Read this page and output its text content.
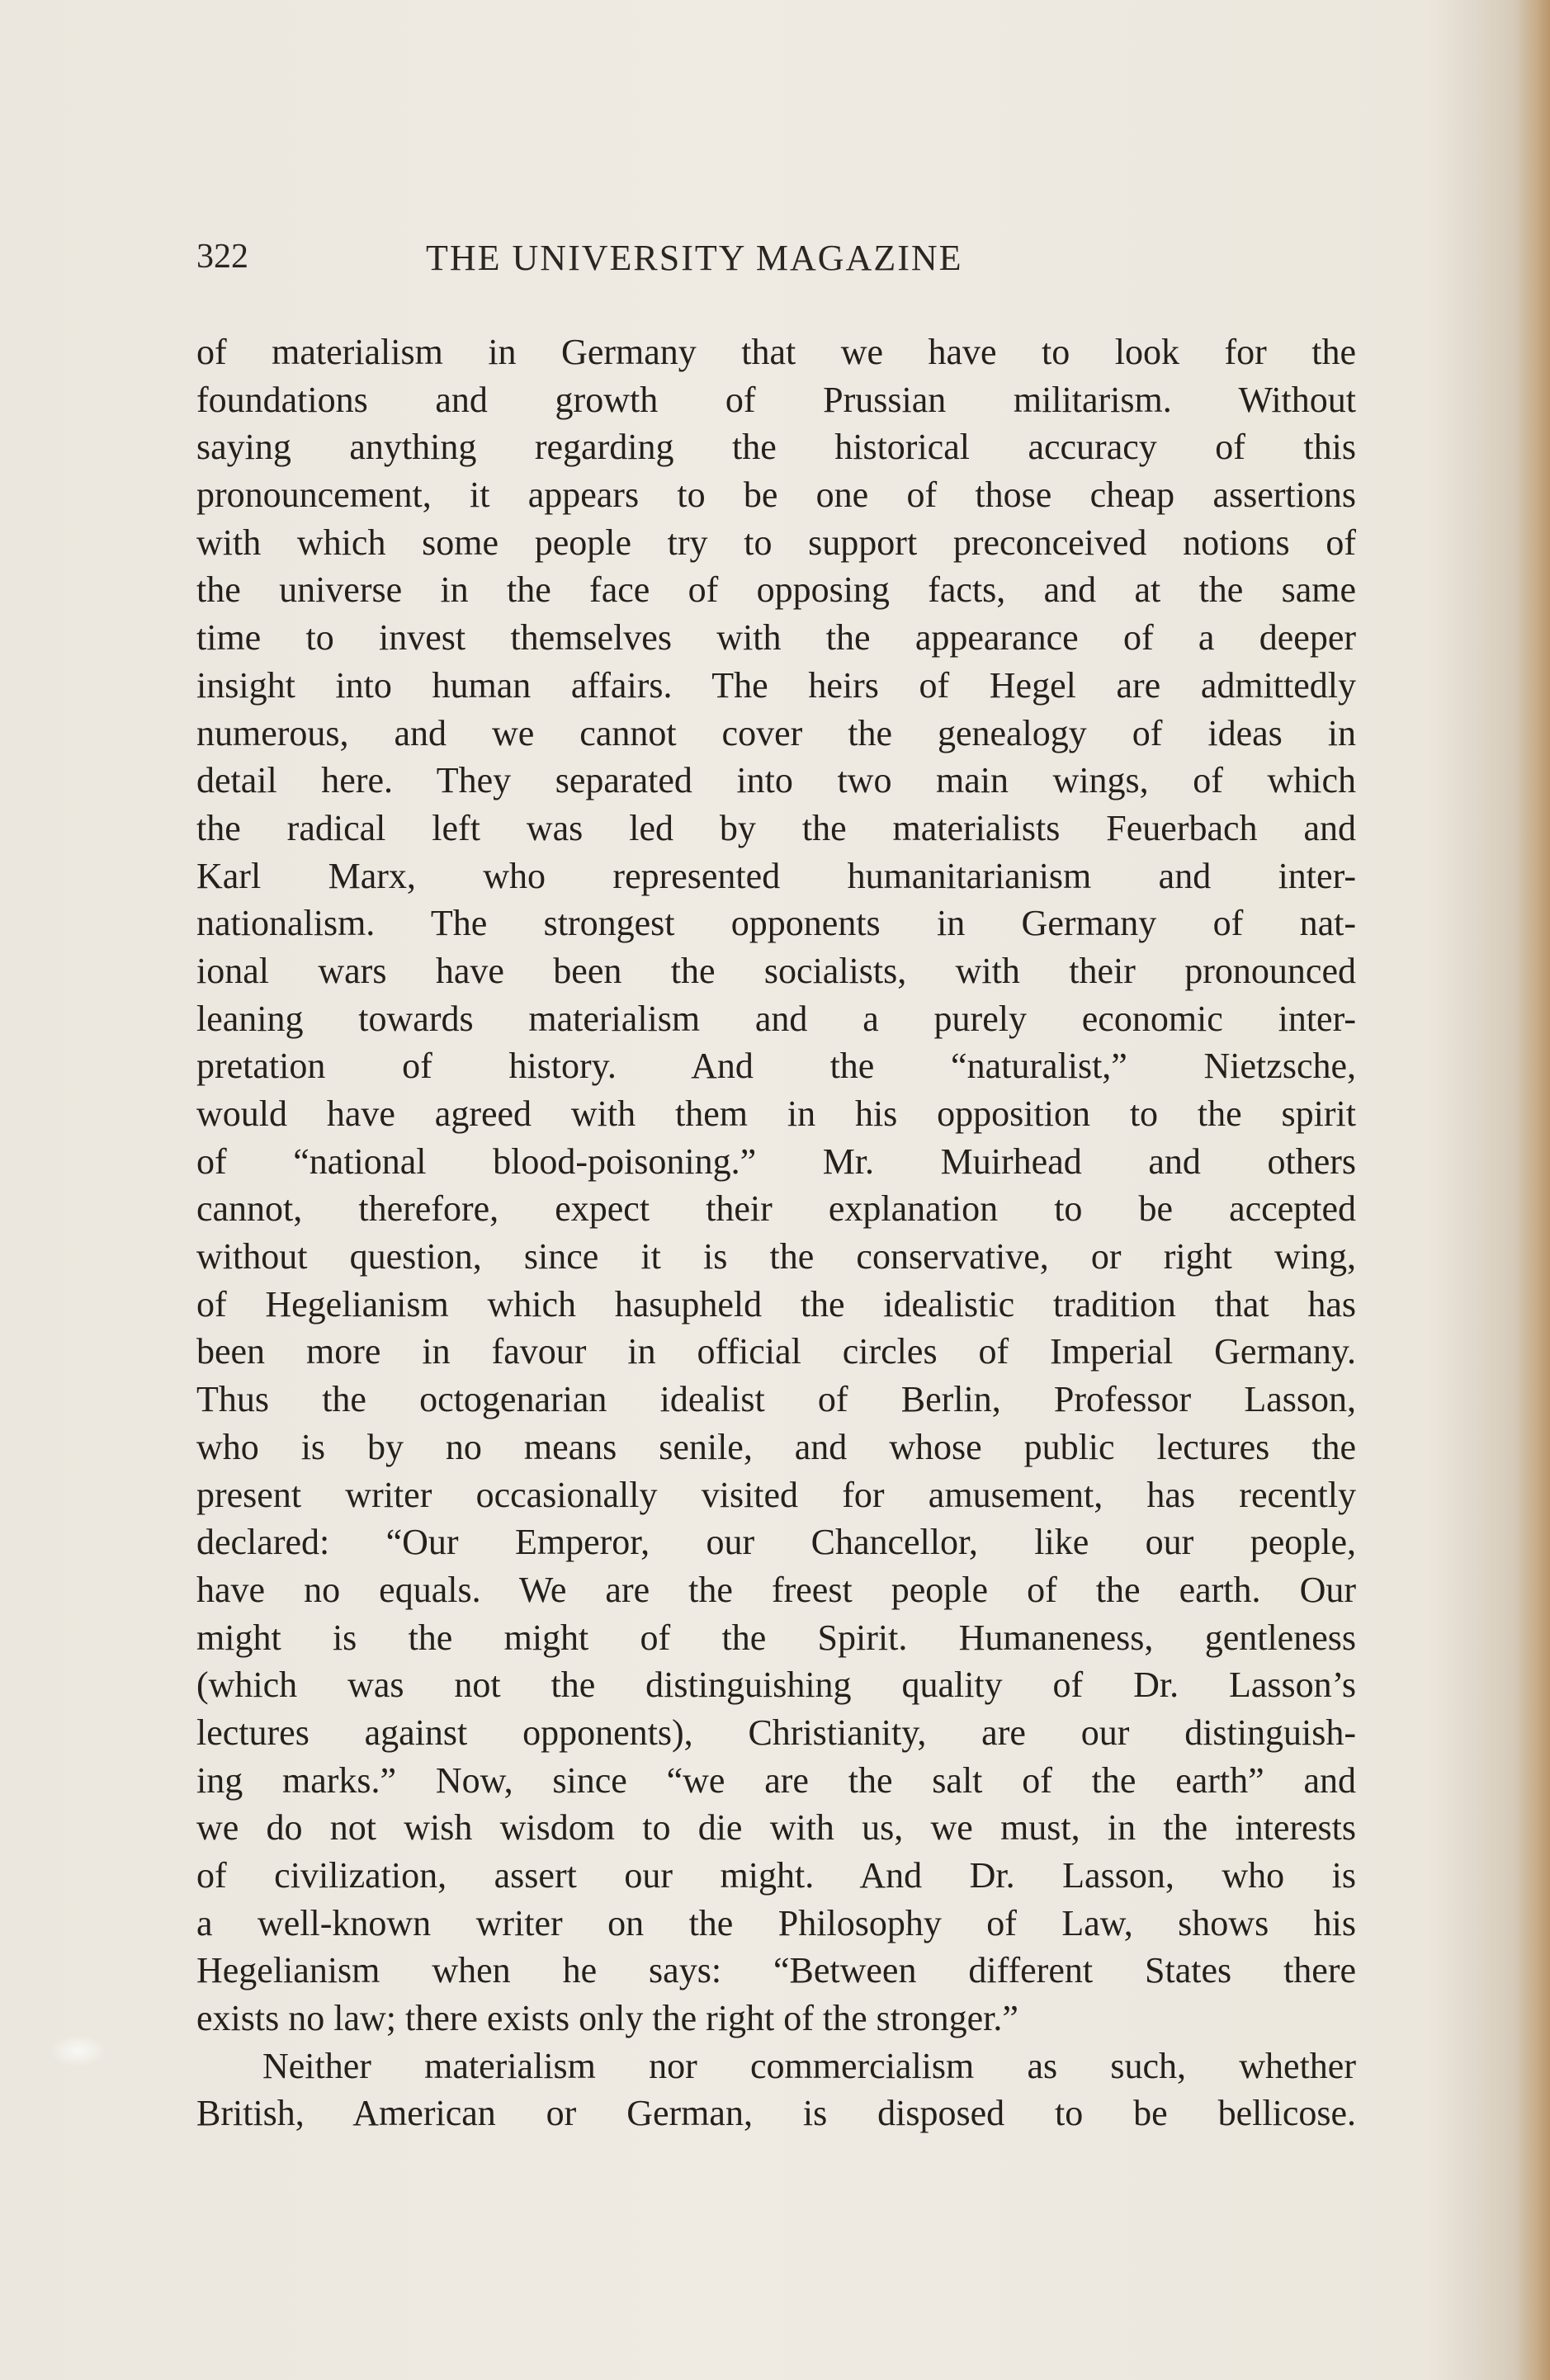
322	THE UNIVERSITY MAGAZINE
of materialism in Germany that we have to look for the
foundations and growth of Prussian militarism. Without
saying anything regarding the historical accuracy of this
pronouncement, it appears to be one of those cheap assertions
with which some people try to support preconceived notions of
the universe in the face of opposing facts, and at the same
time to invest themselves with the appearance of a deeper
insight into human affairs. The heirs of Hegel are admittedly
numerous, and we cannot cover the genealogy of ideas in
detail here. They separated into two main wings, of which
the radical left was led by the materialists Feuerbach and
Karl Marx, who represented humanitarianism and inter-
nationalism. The strongest opponents in Germany of nat-
ional wars have been the socialists, with their pronounced
leaning towards materialism and a purely economic inter-
pretation of history. And the “naturalist,” Nietzsche,
would have agreed with them in his opposition to the spirit
of “national blood-poisoning.” Mr. Muirhead and others
cannot, therefore, expect their explanation to be accepted
without question, since it is the conservative, or right wing,
of Hegelianism which hasupheld the idealistic tradition that has
been more in favour in official circles of Imperial Germany.
Thus the octogenarian idealist of Berlin, Professor Lasson,
who is by no means senile, and whose public lectures the
present writer occasionally visited for amusement, has recently
declared: “Our Emperor, our Chancellor, like our people,
have no equals. We are the freest people of the earth. Our
might is the might of the Spirit. Humaneness, gentleness
(which was not the distinguishing quality of Dr. Lasson’s
lectures against opponents), Christianity, are our distinguish-
ing marks.” Now, since “we are the salt of the earth” and
we do not wish wisdom to die with us, we must, in the interests
of civilization, assert our might. And Dr. Lasson, who is
a well-known writer on the Philosophy of Law, shows his
Hegelianism when he says: “Between different States there
exists no law; there exists only the right of the stronger.”
Neither materialism nor commercialism as such, whether
British, American or German, is disposed to be bellicose.
